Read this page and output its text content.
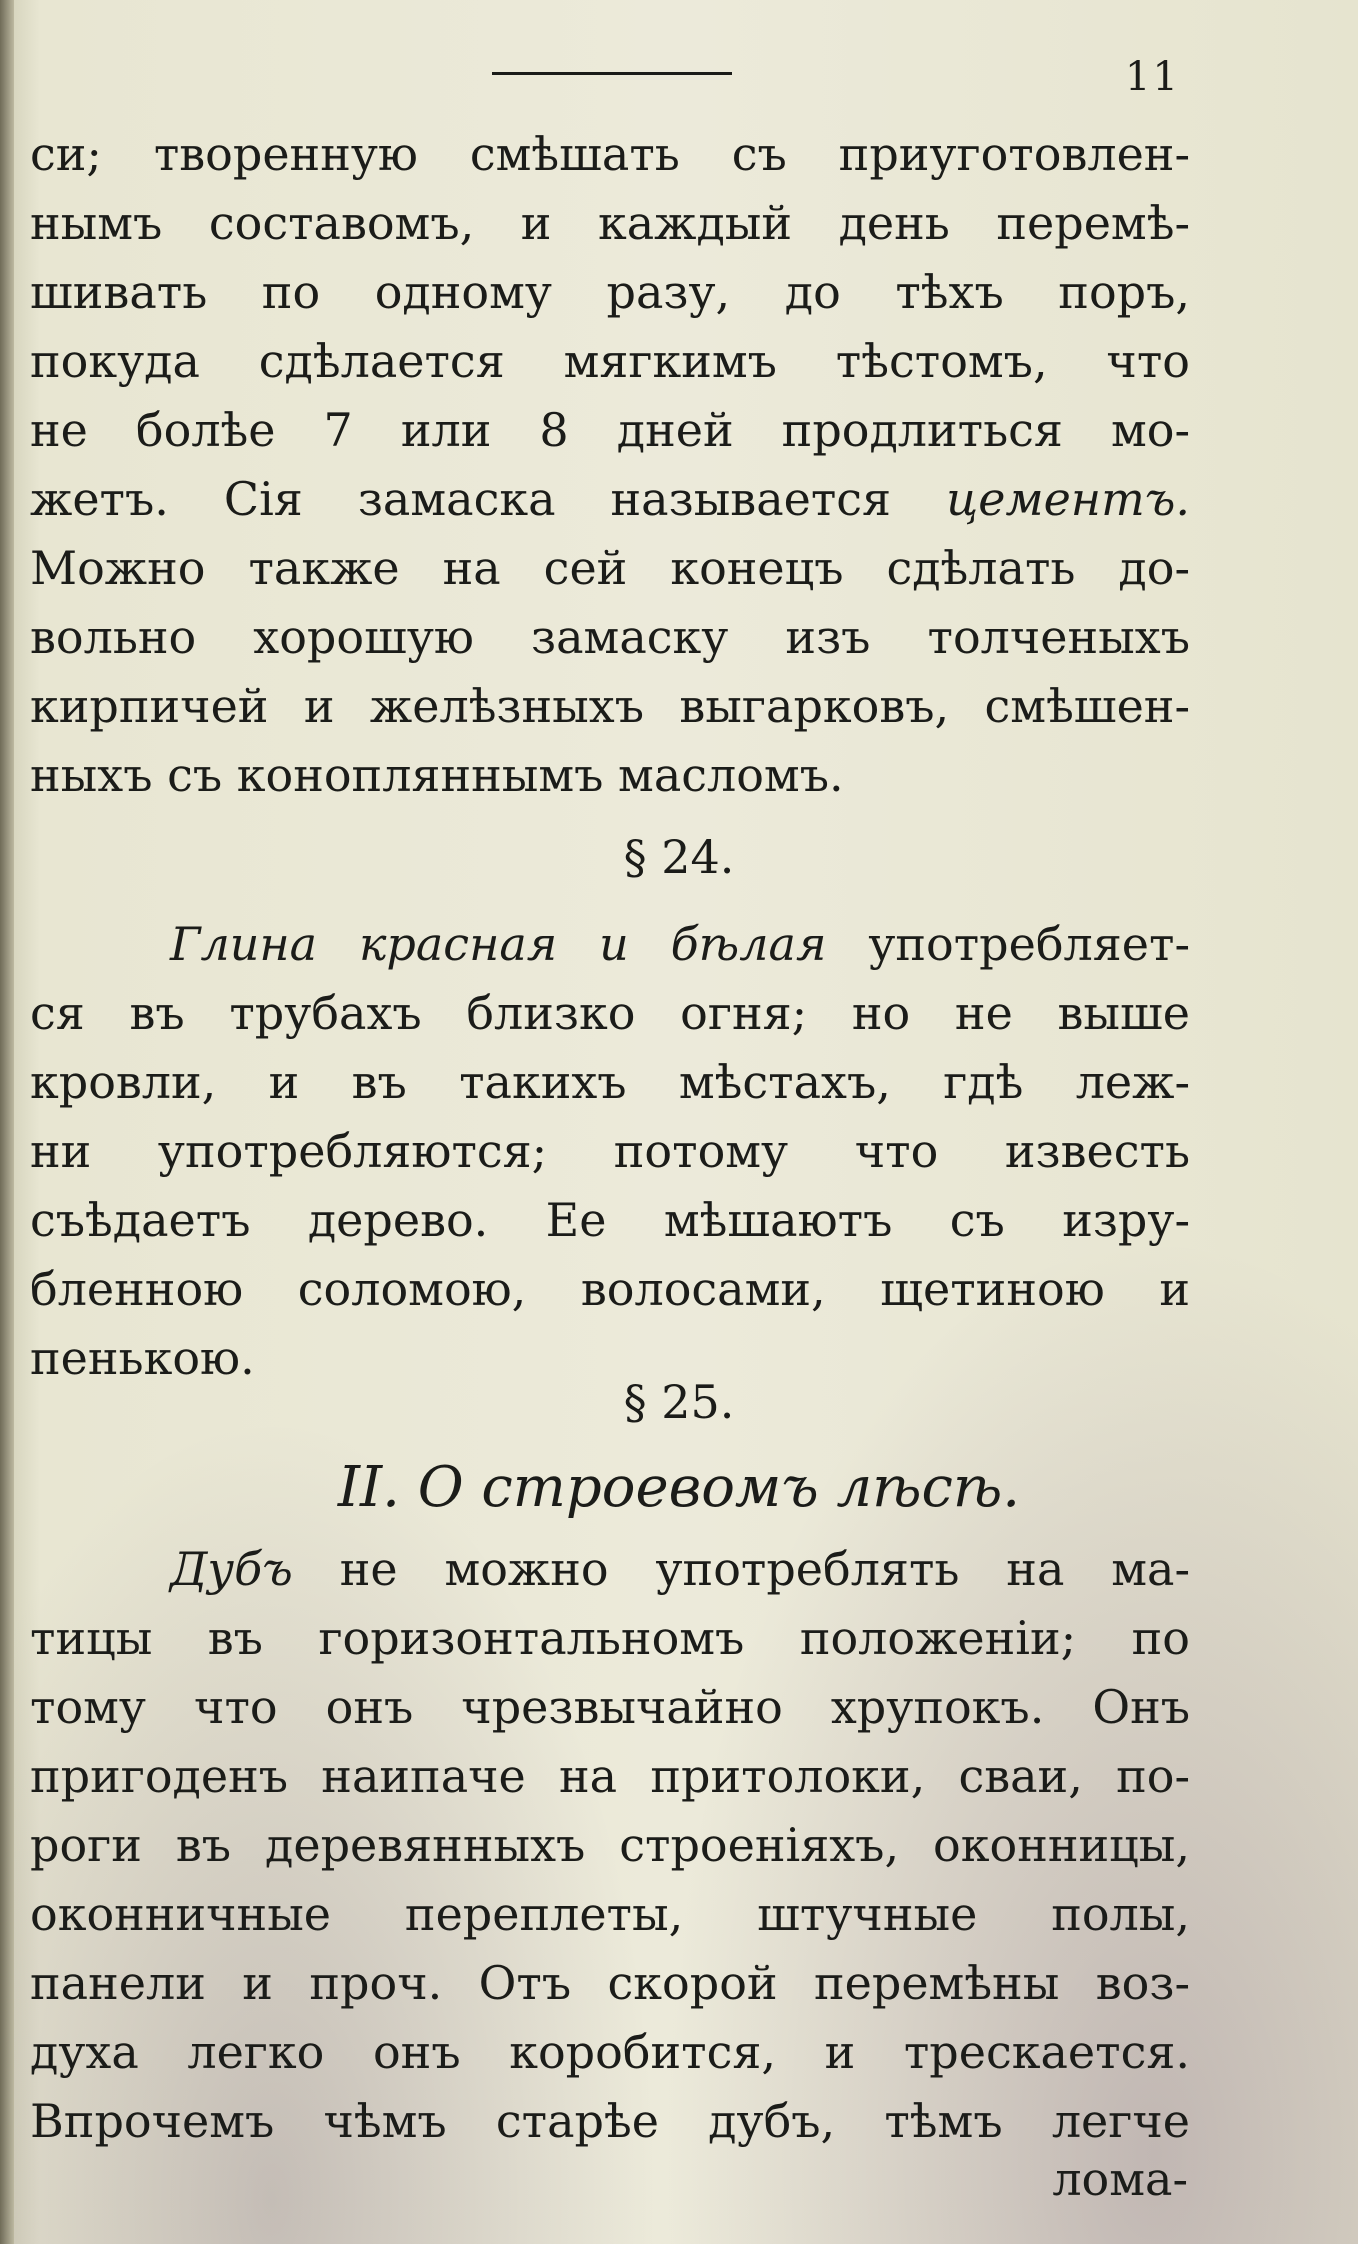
11
си; творенную смѣшать съ приуготовлен-
нымъ составомъ, и каждый день перемѣ-
шивать по одному разу, до тѣхъ поръ,
покуда сдѣлается мягкимъ тѣстомъ, что
не болѣе 7 или 8 дней продлиться мо-
жетъ. Сія замаска называется цементъ.
Можно также на сей конецъ сдѣлать до-
вольно хорошую замаску изъ толченыхъ
кирпичей и желѣзныхъ выгарковъ, смѣшен-
ныхъ съ конопляннымъ масломъ.
§ 24.
Глина красная и бѣлая употребляет-
ся въ трубахъ близко огня; но не выше
кровли, и въ такихъ мѣстахъ, гдѣ леж-
ни употребляются; потому что известь
съѣдаетъ дерево. Ее мѣшаютъ съ изру-
бленною соломою, волосами, щетиною и
пенькою.
§ 25.
II. О строевомъ лѣсѣ.
Дубъ не можно употреблять на ма-
тицы въ горизонтальномъ положеніи; по
тому что онъ чрезвычайно хрупокъ. Онъ
пригоденъ наипаче на притолоки, сваи, по-
роги въ деревянныхъ строеніяхъ, оконницы,
оконничные переплеты, штучные полы,
панели и проч. Отъ скорой перемѣны воз-
духа легко онъ коробится, и трескается.
Впрочемъ чѣмъ старѣе дубъ, тѣмъ легче
лома-
